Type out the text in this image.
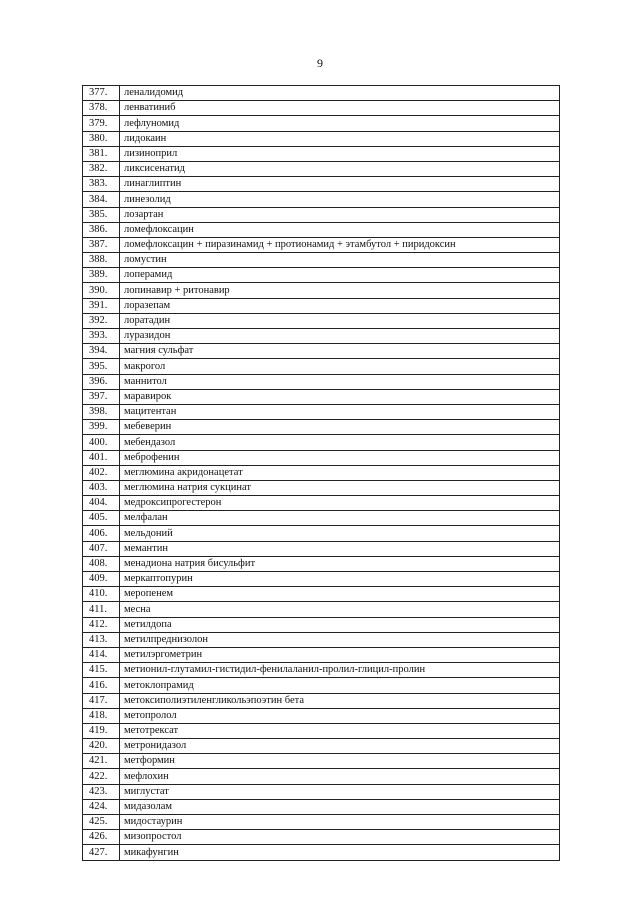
9
377.	леналидомид
378.	ленватиниб
379.	лефлуномид
380.	лидокаин
381.	лизиноприл
382.	ликсисенатид
383.	линаглиптин
384.	линезолид
385.	лозартан
386.	ломефлоксацин
387.	ломефлоксацин + пиразинамид + протионамид + этамбутол + пиридоксин
388.	ломустин
389.	лоперамид
390.	лопинавир + ритонавир
391.	лоразепам
392.	лоратадин
393.	луразидон
394.	магния сульфат
395.	макрогол
396.	маннитол
397.	маравирок
398.	мацитентан
399.	мебеверин
400.	мебендазол
401.	меброфенин
402.	меглюмина акридонацетат
403.	меглюмина натрия сукцинат
404.	медроксипрогестерон
405.	мелфалан
406.	мельдоний
407.	мемантин
408.	менадиона натрия бисульфит
409.	меркаптопурин
410.	меропенем
411.	месна
412.	метилдопа
413.	метилпреднизолон
414.	метилэргометрин
415.	метионил-глутамил-гистидил-фенилаланил-пролил-глицил-пролин
416.	метоклопрамид
417.	метоксиполиэтиленгликольэпоэтин бета
418.	метопролол
419.	метотрексат
420.	метронидазол
421.	метформин
422.	мефлохин
423.	миглустат
424.	мидазолам
425.	мидостаурин
426.	мизопростол
427.	микафунгин
